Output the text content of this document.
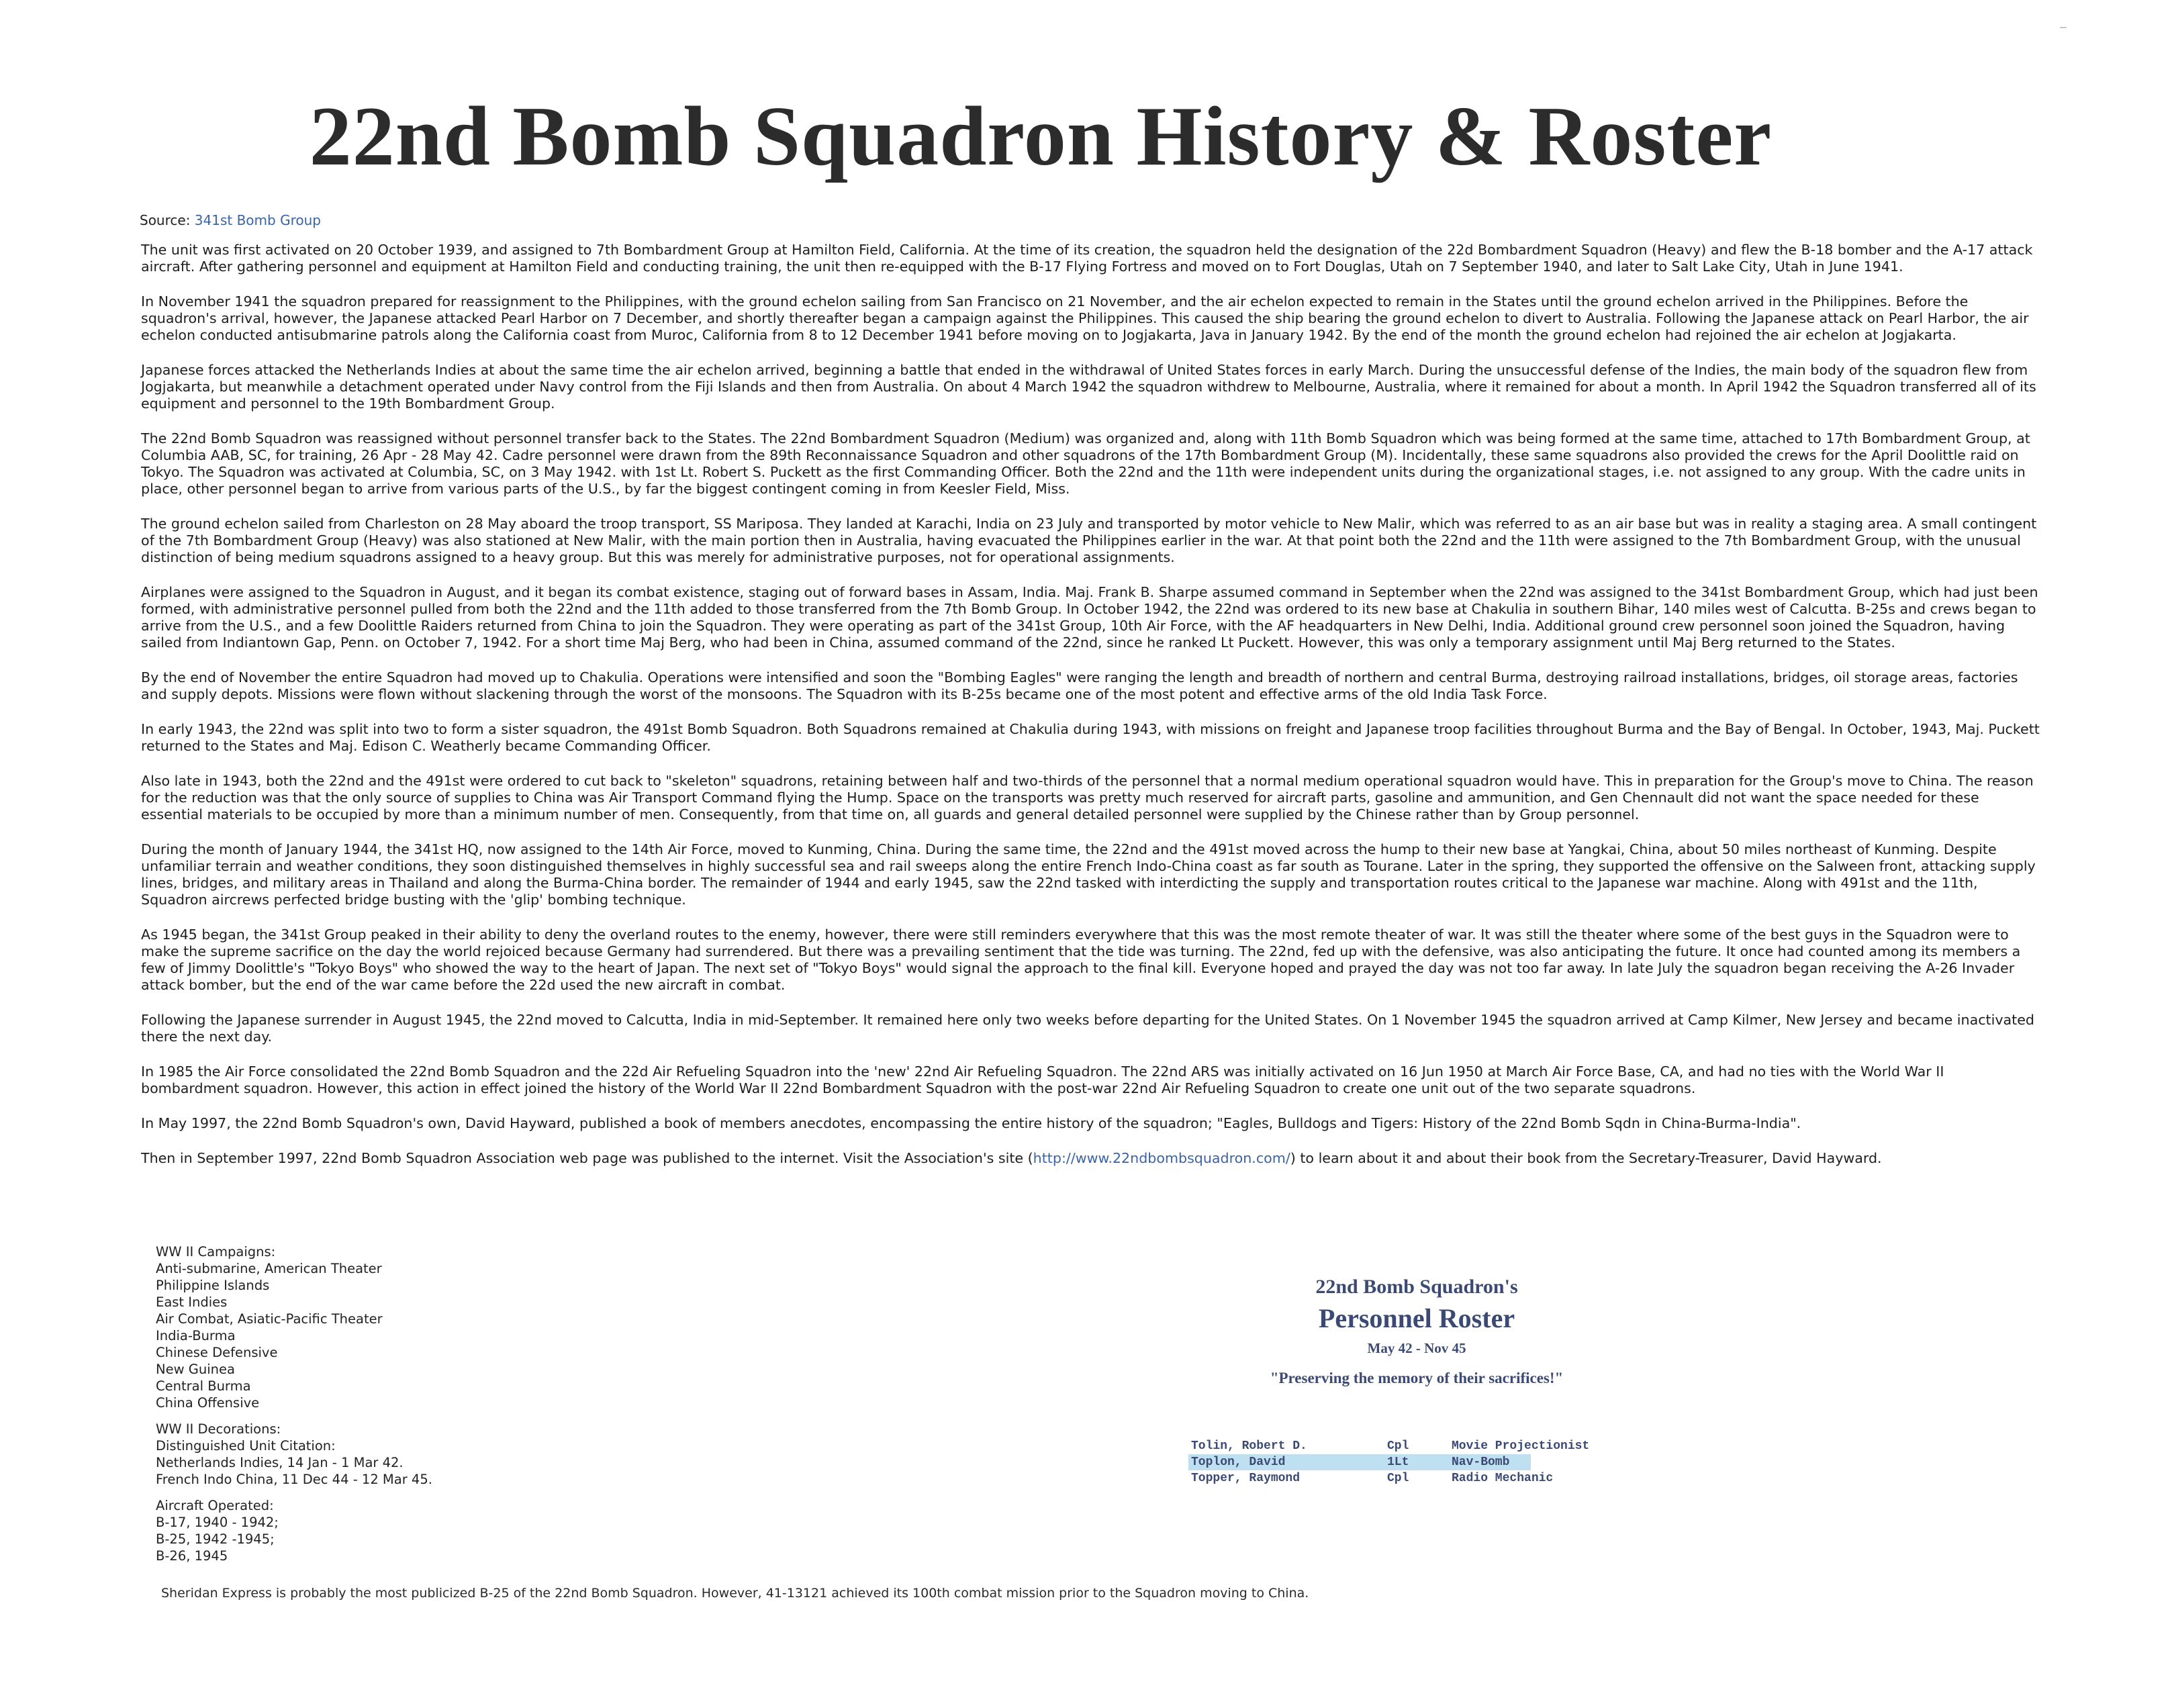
22nd Bomb Squadron History & Roster
Source: 341st Bomb Group

The unit was first activated on 20 October 1939, and assigned to 7th Bombardment Group at Hamilton Field, California. At the time of its creation, the squadron held the designation of the 22d Bombardment Squadron (Heavy) and flew the B-18 bomber and the A-17 attack aircraft. After gathering personnel and equipment at Hamilton Field and conducting training, the unit then re-equipped with the B-17 Flying Fortress and moved on to Fort Douglas, Utah on 7 September 1940, and later to Salt Lake City, Utah in June 1941.

In November 1941 the squadron prepared for reassignment to the Philippines, with the ground echelon sailing from San Francisco on 21 November, and the air echelon expected to remain in the States until the ground echelon arrived in the Philippines. Before the squadron's arrival, however, the Japanese attacked Pearl Harbor on 7 December, and shortly thereafter began a campaign against the Philippines. This caused the ship bearing the ground echelon to divert to Australia. Following the Japanese attack on Pearl Harbor, the air echelon conducted antisubmarine patrols along the California coast from Muroc, California from 8 to 12 December 1941 before moving on to Jogjakarta, Java in January 1942. By the end of the month the ground echelon had rejoined the air echelon at Jogjakarta.

Japanese forces attacked the Netherlands Indies at about the same time the air echelon arrived, beginning a battle that ended in the withdrawal of United States forces in early March. During the unsuccessful defense of the Indies, the main body of the squadron flew from Jogjakarta, but meanwhile a detachment operated under Navy control from the Fiji Islands and then from Australia. On about 4 March 1942 the squadron withdrew to Melbourne, Australia, where it remained for about a month. In April 1942 the Squadron transferred all of its equipment and personnel to the 19th Bombardment Group.

The 22nd Bomb Squadron was reassigned without personnel transfer back to the States. The 22nd Bombardment Squadron (Medium) was organized and, along with 11th Bomb Squadron which was being formed at the same time, attached to 17th Bombardment Group, at Columbia AAB, SC, for training, 26 Apr - 28 May 42. Cadre personnel were drawn from the 89th Reconnaissance Squadron and other squadrons of the 17th Bombardment Group (M). Incidentally, these same squadrons also provided the crews for the April Doolittle raid on Tokyo. The Squadron was activated at Columbia, SC, on 3 May 1942. with 1st Lt. Robert S. Puckett as the first Commanding Officer. Both the 22nd and the 11th were independent units during the organizational stages, i.e. not assigned to any group. With the cadre units in place, other personnel began to arrive from various parts of the U.S., by far the biggest contingent coming in from Keesler Field, Miss.

The ground echelon sailed from Charleston on 28 May aboard the troop transport, SS Mariposa. They landed at Karachi, India on 23 July and transported by motor vehicle to New Malir, which was referred to as an air base but was in reality a staging area. A small contingent of the 7th Bombardment Group (Heavy) was also stationed at New Malir, with the main portion then in Australia, having evacuated the Philippines earlier in the war. At that point both the 22nd and the 11th were assigned to the 7th Bombardment Group, with the unusual distinction of being medium squadrons assigned to a heavy group. But this was merely for administrative purposes, not for operational assignments.

Airplanes were assigned to the Squadron in August, and it began its combat existence, staging out of forward bases in Assam, India. Maj. Frank B. Sharpe assumed command in September when the 22nd was assigned to the 341st Bombardment Group, which had just been formed, with administrative personnel pulled from both the 22nd and the 11th added to those transferred from the 7th Bomb Group. In October 1942, the 22nd was ordered to its new base at Chakulia in southern Bihar, 140 miles west of Calcutta. B-25s and crews began to arrive from the U.S., and a few Doolittle Raiders returned from China to join the Squadron. They were operating as part of the 341st Group, 10th Air Force, with the AF headquarters in New Delhi, India. Additional ground crew personnel soon joined the Squadron, having sailed from Indiantown Gap, Penn. on October 7, 1942. For a short time Maj Berg, who had been in China, assumed command of the 22nd, since he ranked Lt Puckett. However, this was only a temporary assignment until Maj Berg returned to the States.

By the end of November the entire Squadron had moved up to Chakulia. Operations were intensified and soon the "Bombing Eagles" were ranging the length and breadth of northern and central Burma, destroying railroad installations, bridges, oil storage areas, factories and supply depots. Missions were flown without slackening through the worst of the monsoons. The Squadron with its B-25s became one of the most potent and effective arms of the old India Task Force.

In early 1943, the 22nd was split into two to form a sister squadron, the 491st Bomb Squadron. Both Squadrons remained at Chakulia during 1943, with missions on freight and Japanese troop facilities throughout Burma and the Bay of Bengal. In October, 1943, Maj. Puckett returned to the States and Maj. Edison C. Weatherly became Commanding Officer.

Also late in 1943, both the 22nd and the 491st were ordered to cut back to "skeleton" squadrons, retaining between half and two-thirds of the personnel that a normal medium operational squadron would have. This in preparation for the Group's move to China. The reason for the reduction was that the only source of supplies to China was Air Transport Command flying the Hump. Space on the transports was pretty much reserved for aircraft parts, gasoline and ammunition, and Gen Chennault did not want the space needed for these essential materials to be occupied by more than a minimum number of men. Consequently, from that time on, all guards and general detailed personnel were supplied by the Chinese rather than by Group personnel.

During the month of January 1944, the 341st HQ, now assigned to the 14th Air Force, moved to Kunming, China. During the same time, the 22nd and the 491st moved across the hump to their new base at Yangkai, China, about 50 miles northeast of Kunming. Despite unfamiliar terrain and weather conditions, they soon distinguished themselves in highly successful sea and rail sweeps along the entire French Indo-China coast as far south as Tourane. Later in the spring, they supported the offensive on the Salween front, attacking supply lines, bridges, and military areas in Thailand and along the Burma-China border. The remainder of 1944 and early 1945, saw the 22nd tasked with interdicting the supply and transportation routes critical to the Japanese war machine. Along with 491st and the 11th, Squadron aircrews perfected bridge busting with the 'glip' bombing technique.

As 1945 began, the 341st Group peaked in their ability to deny the overland routes to the enemy, however, there were still reminders everywhere that this was the most remote theater of war. It was still the theater where some of the best guys in the Squadron were to make the supreme sacrifice on the day the world rejoiced because Germany had surrendered. But there was a prevailing sentiment that the tide was turning. The 22nd, fed up with the defensive, was also anticipating the future. It once had counted among its members a few of Jimmy Doolittle's "Tokyo Boys" who showed the way to the heart of Japan. The next set of "Tokyo Boys" would signal the approach to the final kill. Everyone hoped and prayed the day was not too far away. In late July the squadron began receiving the A-26 Invader attack bomber, but the end of the war came before the 22d used the new aircraft in combat.

Following the Japanese surrender in August 1945, the 22nd moved to Calcutta, India in mid-September. It remained here only two weeks before departing for the United States. On 1 November 1945 the squadron arrived at Camp Kilmer, New Jersey and became inactivated there the next day.

In 1985 the Air Force consolidated the 22nd Bomb Squadron and the 22d Air Refueling Squadron into the 'new' 22nd Air Refueling Squadron. The 22nd ARS was initially activated on 16 Jun 1950 at March Air Force Base, CA, and had no ties with the World War II bombardment squadron. However, this action in effect joined the history of the World War II 22nd Bombardment Squadron with the post-war 22nd Air Refueling Squadron to create one unit out of the two separate squadrons.

In May 1997, the 22nd Bomb Squadron's own, David Hayward, published a book of members anecdotes, encompassing the entire history of the squadron; "Eagles, Bulldogs and Tigers: History of the 22nd Bomb Sqdn in China-Burma-India".

Then in September 1997, 22nd Bomb Squadron Association web page was published to the internet. Visit the Association's site (http://www.22ndbombsquadron.com/) to learn about it and about their book from the Secretary-Treasurer, David Hayward.

WW II Campaigns:
Anti-submarine, American Theater
Philippine Islands
East Indies
Air Combat, Asiatic-Pacific Theater
India-Burma
Chinese Defensive
New Guinea
Central Burma
China Offensive
WW II Decorations:
Distinguished Unit Citation:
Netherlands Indies, 14 Jan - 1 Mar 42.
French Indo China, 11 Dec 44 - 12 Mar 45.
Aircraft Operated:
B-17, 1940 - 1942;
B-25, 1942 -1945;
B-26, 1945
Sheridan Express is probably the most publicized B-25 of the 22nd Bomb Squadron. However, 41-13121 achieved its 100th combat mission prior to the Squadron moving to China.
22nd Bomb Squadron's
Personnel Roster
May 42 - Nov 45
"Preserving the memory of their sacrifices!"
Tolin, Robert D.	Cpl	Movie Projectionist
Toplon, David	1Lt	Nav-Bomb
Topper, Raymond	Cpl	Radio Mechanic
